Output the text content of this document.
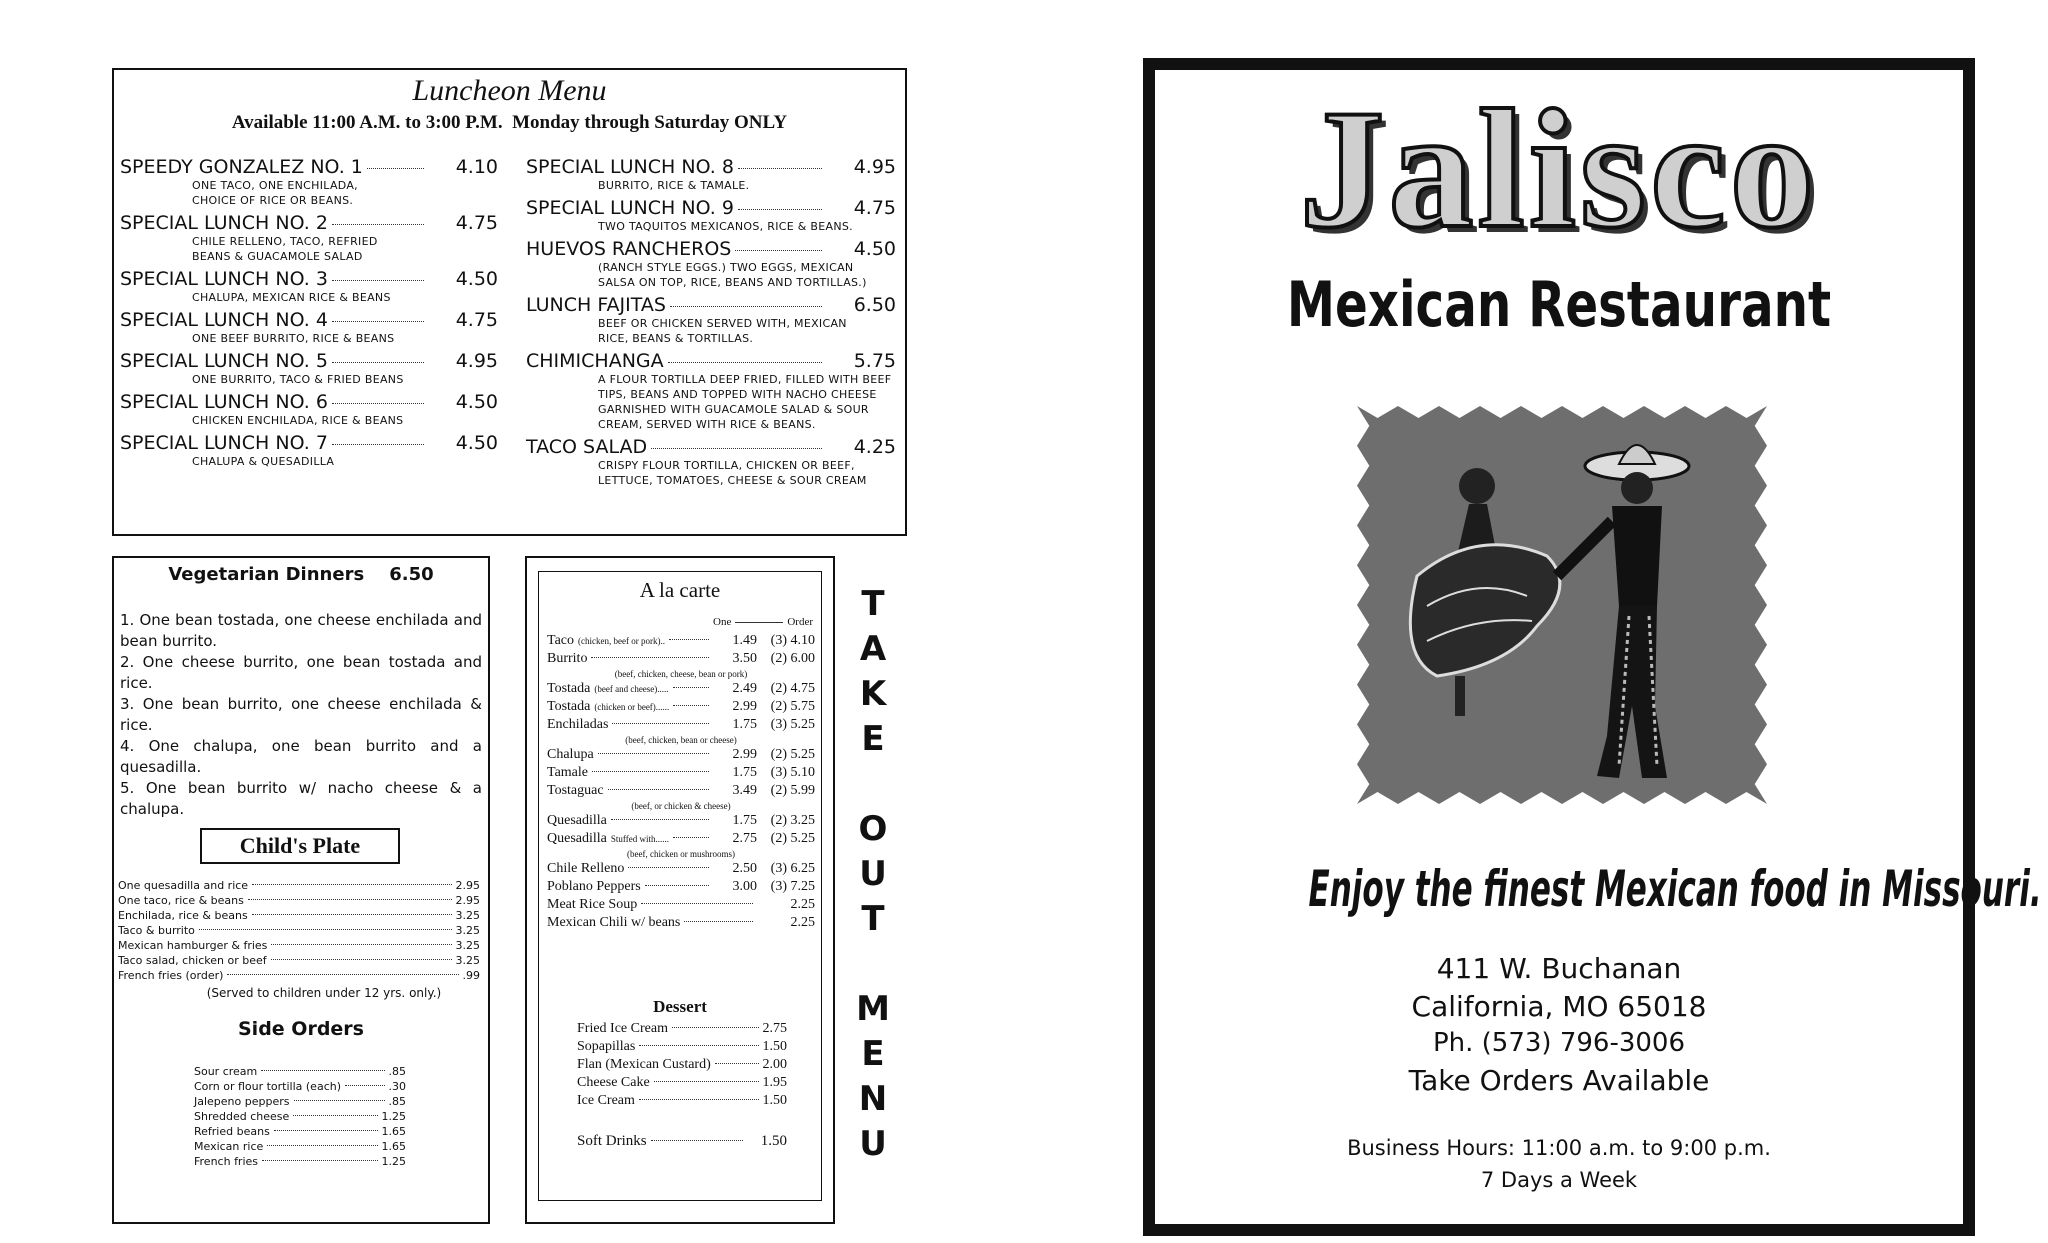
Luncheon Menu
Available 11:00 A.M. to 3:00 P.M.  Monday through Saturday ONLY
SPEEDY GONZALEZ NO. 1	4.10
ONE TACO, ONE ENCHILADA,
CHOICE OF RICE OR BEANS.
SPECIAL LUNCH NO. 2	4.75
CHILE RELLENO, TACO, REFRIED
BEANS & GUACAMOLE SALAD
SPECIAL LUNCH NO. 3	4.50
CHALUPA, MEXICAN RICE & BEANS
SPECIAL LUNCH NO. 4	4.75
ONE BEEF BURRITO, RICE & BEANS
SPECIAL LUNCH NO. 5	4.95
ONE BURRITO, TACO & FRIED BEANS
SPECIAL LUNCH NO. 6	4.50
CHICKEN ENCHILADA, RICE & BEANS
SPECIAL LUNCH NO. 7	4.50
CHALUPA & QUESADILLA
SPECIAL LUNCH NO. 8	4.95
BURRITO, RICE & TAMALE.
SPECIAL LUNCH NO. 9	4.75
TWO TAQUITOS MEXICANOS, RICE & BEANS.
HUEVOS RANCHEROS	4.50
(RANCH STYLE EGGS.) TWO EGGS, MEXICAN
SALSA ON TOP, RICE, BEANS AND TORTILLAS.)
LUNCH FAJITAS	6.50
BEEF OR CHICKEN SERVED WITH, MEXICAN
RICE, BEANS & TORTILLAS.
CHIMICHANGA	5.75
A FLOUR TORTILLA DEEP FRIED, FILLED WITH BEEF
TIPS, BEANS AND TOPPED WITH NACHO CHEESE
GARNISHED WITH GUACAMOLE SALAD & SOUR
CREAM, SERVED WITH RICE & BEANS.
TACO SALAD	4.25
CRISPY FLOUR TORTILLA, CHICKEN OR BEEF,
LETTUCE, TOMATOES, CHEESE & SOUR CREAM
Vegetarian Dinners 6.50

1. One bean tostada, one cheese enchilada and bean burrito.

2. One cheese burrito, one bean tostada and rice.

3. One bean burrito, one cheese enchilada & rice.

4. One chalupa, one bean burrito and a quesadilla.

5. One bean burrito w/ nacho cheese & a chalupa.

Child's Plate
One quesadilla and rice	2.95
One taco, rice & beans	2.95
Enchilada, rice & beans	3.25
Taco & burrito	3.25
Mexican hamburger & fries	3.25
Taco salad, chicken or beef	3.25
French fries (order)	.99
(Served to children under 12 yrs. only.)
Side Orders
Sour cream	.85
Corn or flour tortilla (each)	.30
Jalepeno peppers	.85
Shredded cheese	1.25
Refried beans	1.65
Mexican rice	1.65
French fries	1.25
A la carte
One	Order
Taco (chicken, beef or pork)..	1.49 (3) 4.10
Burrito	3.50 (2) 6.00
(beef, chicken, cheese, bean or pork)
Tostada (beef and cheese).....	2.49 (2) 4.75
Tostada (chicken or beef)......	2.99 (2) 5.75
Enchiladas	1.75 (3) 5.25
(beef, chicken, bean or cheese)
Chalupa	2.99 (2) 5.25
Tamale	1.75 (3) 5.10
Tostaguac	3.49 (2) 5.99
(beef, or chicken & cheese)
Quesadilla	1.75 (2) 3.25
Quesadilla Stuffed with......	2.75 (2) 5.25
(beef, chicken or mushrooms)
Chile Relleno	2.50 (3) 6.25
Poblano Peppers	3.00 (3) 7.25
Meat Rice Soup	2.25
Mexican Chili w/ beans	2.25
Dessert
Fried Ice Cream	2.75
Sopapillas	1.50
Flan (Mexican Custard)	2.00
Cheese Cake	1.95
Ice Cream	1.50
Soft Drinks	1.50
T
A
K
E
O
U
T
M
E
N
U
Jalisco
Mexican Restaurant
Enjoy the finest Mexican food in Missouri.
411 W. Buchanan
California, MO 65018
Ph. (573) 796-3006
Take Orders Available
Business Hours: 11:00 a.m. to 9:00 p.m.
7 Days a Week
